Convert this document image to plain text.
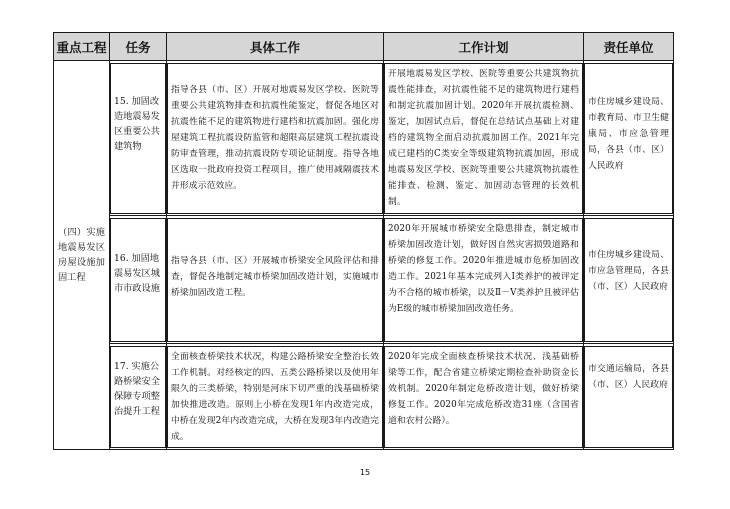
重点工程	任务	具体工作	工作计划	责任单位

（四）实施地震易发区房屋设施加固工程	15. 加固改造地震易发区重要公共建筑物	指导各县（市、区）开展对地震易发区学校、医院等重要公共建筑物排查和抗震性能鉴定，督促各地区对抗震性能不足的建筑物进行建档和抗震加固。强化房屋建筑工程抗震设防监管和超限高层建筑工程抗震设防审查管理，推动抗震设防专项论证制度。指导各地区选取一批政府投资工程项目，推广使用减隔震技术并形成示范效应。	开展地震易发区学校、医院等重要公共建筑物抗震性能排查，对抗震性能不足的建筑物进行建档和制定抗震加固计划。2020年开展抗震检测、鉴定，加固试点后，督促在总结试点基础上对建档的建筑物全面启动抗震加固工作。2021年完成已建档的C类安全等级建筑物抗震加固，形成地震易发区学校、医院等重要公共建筑物抗震性能排查、检测、鉴定、加固动态管理的长效机制。	市住房城乡建设局、市教育局、市卫生健康局、市应急管理局，各县（市、区）人民政府

	16. 加固地震易发区城市市政设施	指导各县（市、区）开展城市桥梁安全风险评估和排查，督促各地制定城市桥梁加固改造计划，实施城市桥梁加固改造工程。	2020年开展城市桥梁安全隐患排查，制定城市桥梁加固改造计划，做好因自然灾害损毁道路和桥梁的修复工作。2020年推进城市危桥加固改造工作。2021年基本完成列入Ⅰ类养护的被评定为不合格的城市桥梁，以及Ⅱ－Ⅴ类养护且被评估为E级的城市桥梁加固改造任务。	市住房城乡建设局、市应急管理局，各县（市、区）人民政府

	17. 实施公路桥梁安全保障专项整治提升工程	全面核查桥梁技术状况，构建公路桥梁安全整治长效工作机制。对经核定的四、五类公路桥梁以及使用年限久的三类桥梁，特别是河床下切严重的浅基础桥梁加快推进改造。原则上小桥在发现1年内改造完成，中桥在发现2年内改造完成，大桥在发现3年内改造完成。	2020年完成全面核查桥梁技术状况、浅基础桥梁等工作，配合省建立桥梁定期检查补助资金长效机制。2020年制定危桥改造计划，做好桥梁修复工作。2020年完成危桥改造31座（含国省道和农村公路）。	市交通运输局，各县（市、区）人民政府
15
